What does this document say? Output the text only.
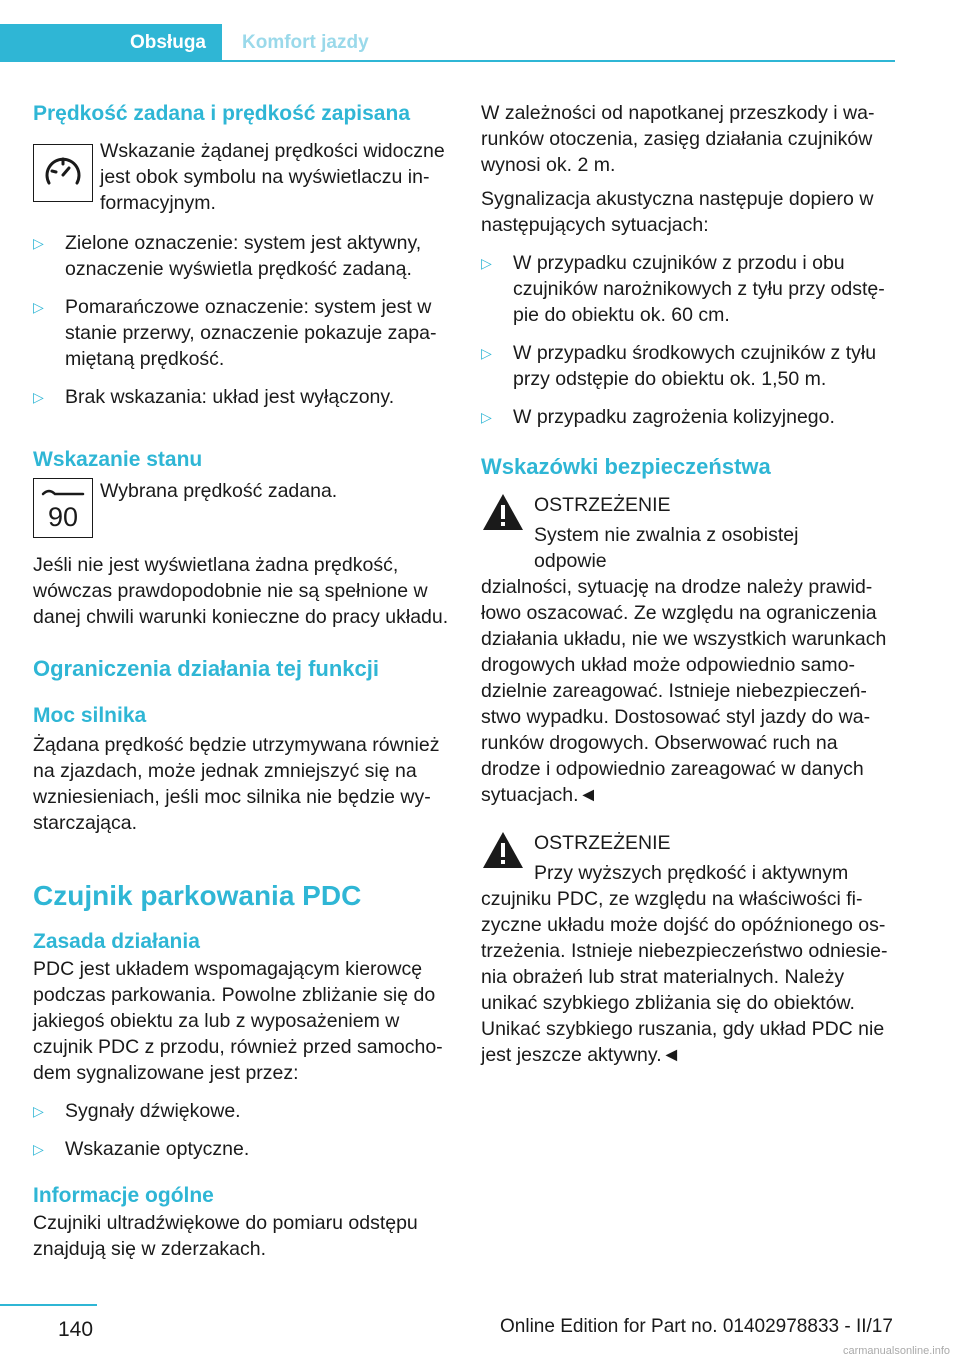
Obsługa	Komfort jazdy
Prędkość zadana i prędkość zapisana

Wskazanie żądanej prędkości widoczne jest obok symbolu na wyświetlaczu informacyjnym.

▷ Zielone oznaczenie: system jest aktywny, oznaczenie wyświetla prędkość zadaną.
▷ Pomarańczowe oznaczenie: system jest w stanie przerwy, oznaczenie pokazuje zapamiętaną prędkość.
▷ Brak wskazania: układ jest wyłączony.
Wskazanie stanu
90

Wybrana prędkość zadana.

Jeśli nie jest wyświetlana żadna prędkość, wówczas prawdopodobnie nie są spełnione w danej chwili warunki konieczne do pracy układu.

Ograniczenia działania tej funkcji
Moc silnika

Żądana prędkość będzie utrzymywana również na zjazdach, może jednak zmniejszyć się na wzniesieniach, jeśli moc silnika nie będzie wystarczająca.

Czujnik parkowania PDC
Zasada działania

PDC jest układem wspomagającym kierowcę podczas parkowania. Powolne zbliżanie się do jakiegoś obiektu za lub z wyposażeniem w czujnik PDC z przodu, również przed samochodem sygnalizowane jest przez:

▷ Sygnały dźwiękowe.
▷ Wskazanie optyczne.
Informacje ogólne

Czujniki ultradźwiękowe do pomiaru odstępu znajdują się w zderzakach.

W zależności od napotkanej przeszkody i warunków otoczenia, zasięg działania czujników wynosi ok. 2 m.

Sygnalizacja akustyczna następuje dopiero w następujących sytuacjach:

▷ W przypadku czujników z przodu i obu czujników narożnikowych z tyłu przy odstępie do obiektu ok. 60 cm.
▷ W przypadku środkowych czujników z tyłu przy odstępie do obiektu ok. 1,50 m.
▷ W przypadku zagrożenia kolizyjnego.
Wskazówki bezpieczeństwa

OSTRZEŻENIE

System nie zwalnia z osobistej odpowie

dzialności, sytuację na drodze należy prawidłowo oszacować. Ze względu na ograniczenia działania układu, nie we wszystkich warunkach drogowych układ może odpowiednio samodzielnie zareagować. Istnieje niebezpieczeństwo wypadku. Dostosować styl jazdy do warunków drogowych. Obserwować ruch na drodze i odpowiednio zareagować w danych sytuacjach.◄

OSTRZEŻENIE

Przy wyższych prędkość i aktywnym

czujniku PDC, ze względu na właściwości fizyczne układu może dojść do opóźnionego ostrzeżenia. Istnieje niebezpieczeństwo odniesienia obrażeń lub strat materialnych. Należy unikać szybkiego zbliżania się do obiektów. Unikać szybkiego ruszania, gdy układ PDC nie jest jeszcze aktywny.◄

140	Online Edition for Part no. 01402978833 - II/17
carmanualsonline.info
